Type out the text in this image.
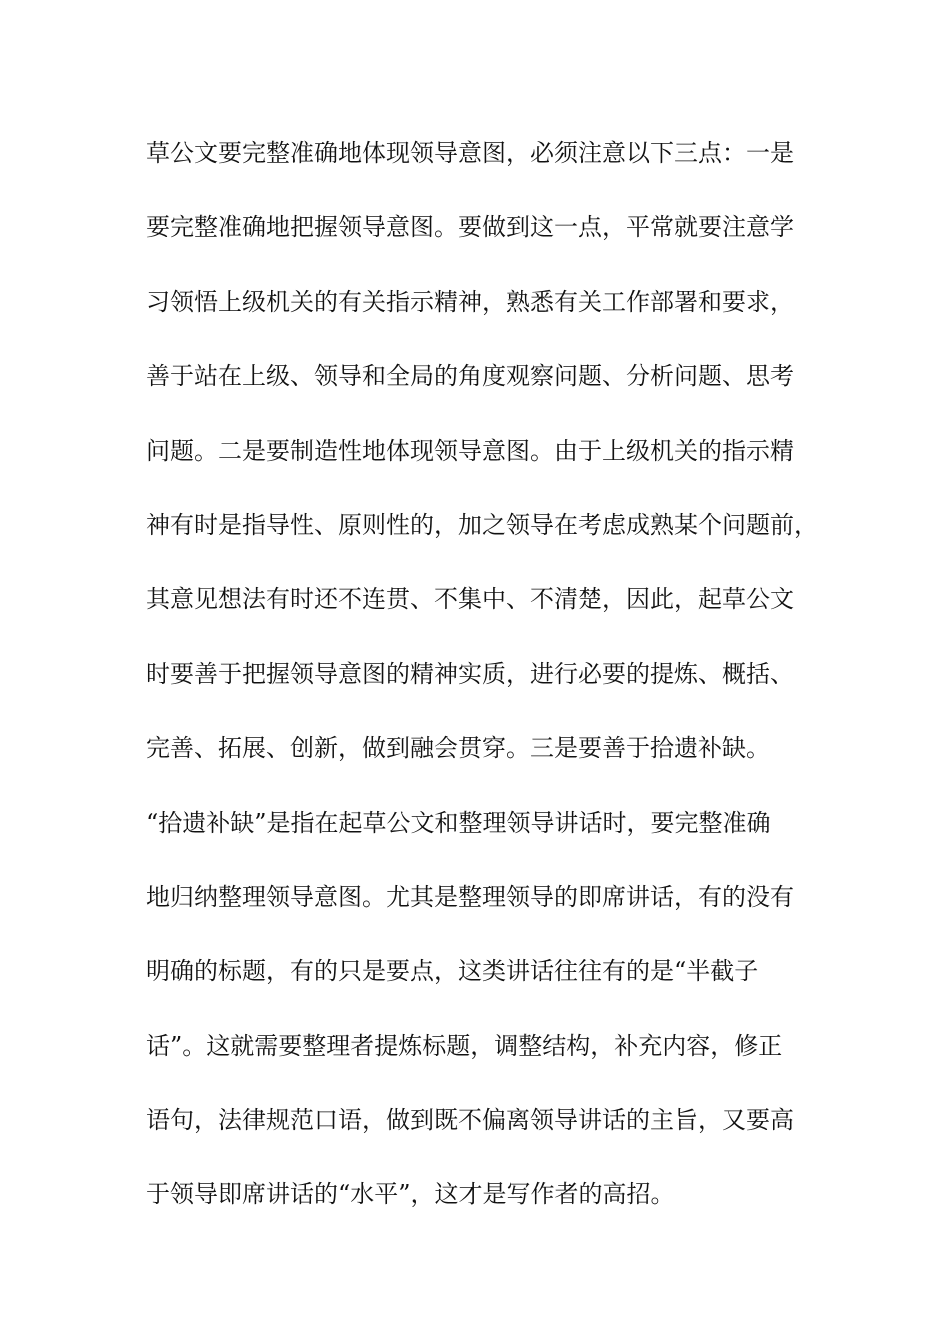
草公文要完整准确地体现领导意图，必须注意以下三点：一是
要完整准确地把握领导意图。要做到这一点，平常就要注意学
习领悟上级机关的有关指示精神，熟悉有关工作部署和要求，
善于站在上级、领导和全局的角度观察问题、分析问题、思考
问题。二是要制造性地体现领导意图。由于上级机关的指示精
神有时是指导性、原则性的，加之领导在考虑成熟某个问题前，
其意见想法有时还不连贯、不集中、不清楚，因此，起草公文
时要善于把握领导意图的精神实质，进行必要的提炼、概括、
完善、拓展、创新，做到融会贯穿。三是要善于拾遗补缺。
“拾遗补缺”是指在起草公文和整理领导讲话时，要完整准确
地归纳整理领导意图。尤其是整理领导的即席讲话，有的没有
明确的标题，有的只是要点，这类讲话往往有的是“半截子
话”。这就需要整理者提炼标题，调整结构，补充内容，修正
语句，法律规范口语，做到既不偏离领导讲话的主旨，又要高
于领导即席讲话的“水平”，这才是写作者的高招。
